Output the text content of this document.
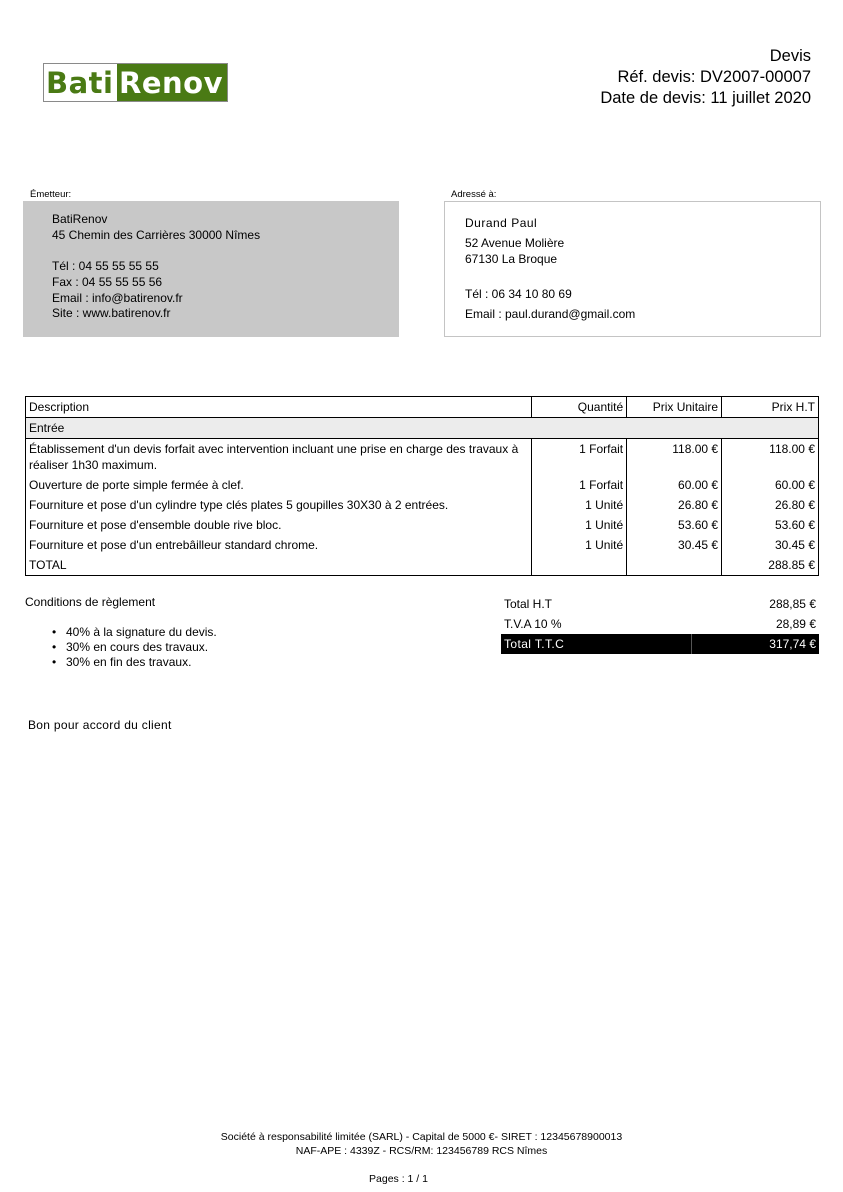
Bati Renov
Devis
Réf. devis: DV2007-00007
Date de devis: 11 juillet 2020
Émetteur:
BatiRenov
45 Chemin des Carrières 30000 Nîmes
Tél : 04 55 55 55 55
Fax : 04 55 55 55 56
Email : info@batirenov.fr
Site : www.batirenov.fr
Adressé à:
Durand Paul
52 Avenue Molière
67130 La Broque
Tél : 06 34 10 80 69
Email : paul.durand@gmail.com
Description	Quantité	Prix Unitaire	Prix H.T
Entrée			
Établissement d'un devis forfait avec intervention incluant une prise en charge des travaux à réaliser 1h30 maximum.	1 Forfait	118.00 €	118.00 €
Ouverture de porte simple fermée à clef.	1 Forfait	60.00 €	60.00 €
Fourniture et pose d'un cylindre type clés plates 5 goupilles 30X30 à 2 entrées.	1 Unité	26.80 €	26.80 €
Fourniture et pose d'ensemble double rive bloc.	1 Unité	53.60 €	53.60 €
Fourniture et pose d'un entrebâilleur standard chrome.	1 Unité	30.45 €	30.45 €
TOTAL			288.85 €
Conditions de règlement
• 40% à la signature du devis.
• 30% en cours des travaux.
• 30% en fin des travaux.
Total H.T	288,85 €
T.V.A 10 %	28,89 €
Total T.T.C	317,74 €
Bon pour accord du client
Société à responsabilité limitée (SARL) - Capital de 5000 €- SIRET : 12345678900013
NAF-APE : 4339Z - RCS/RM: 123456789 RCS Nîmes
Pages : 1 / 1
